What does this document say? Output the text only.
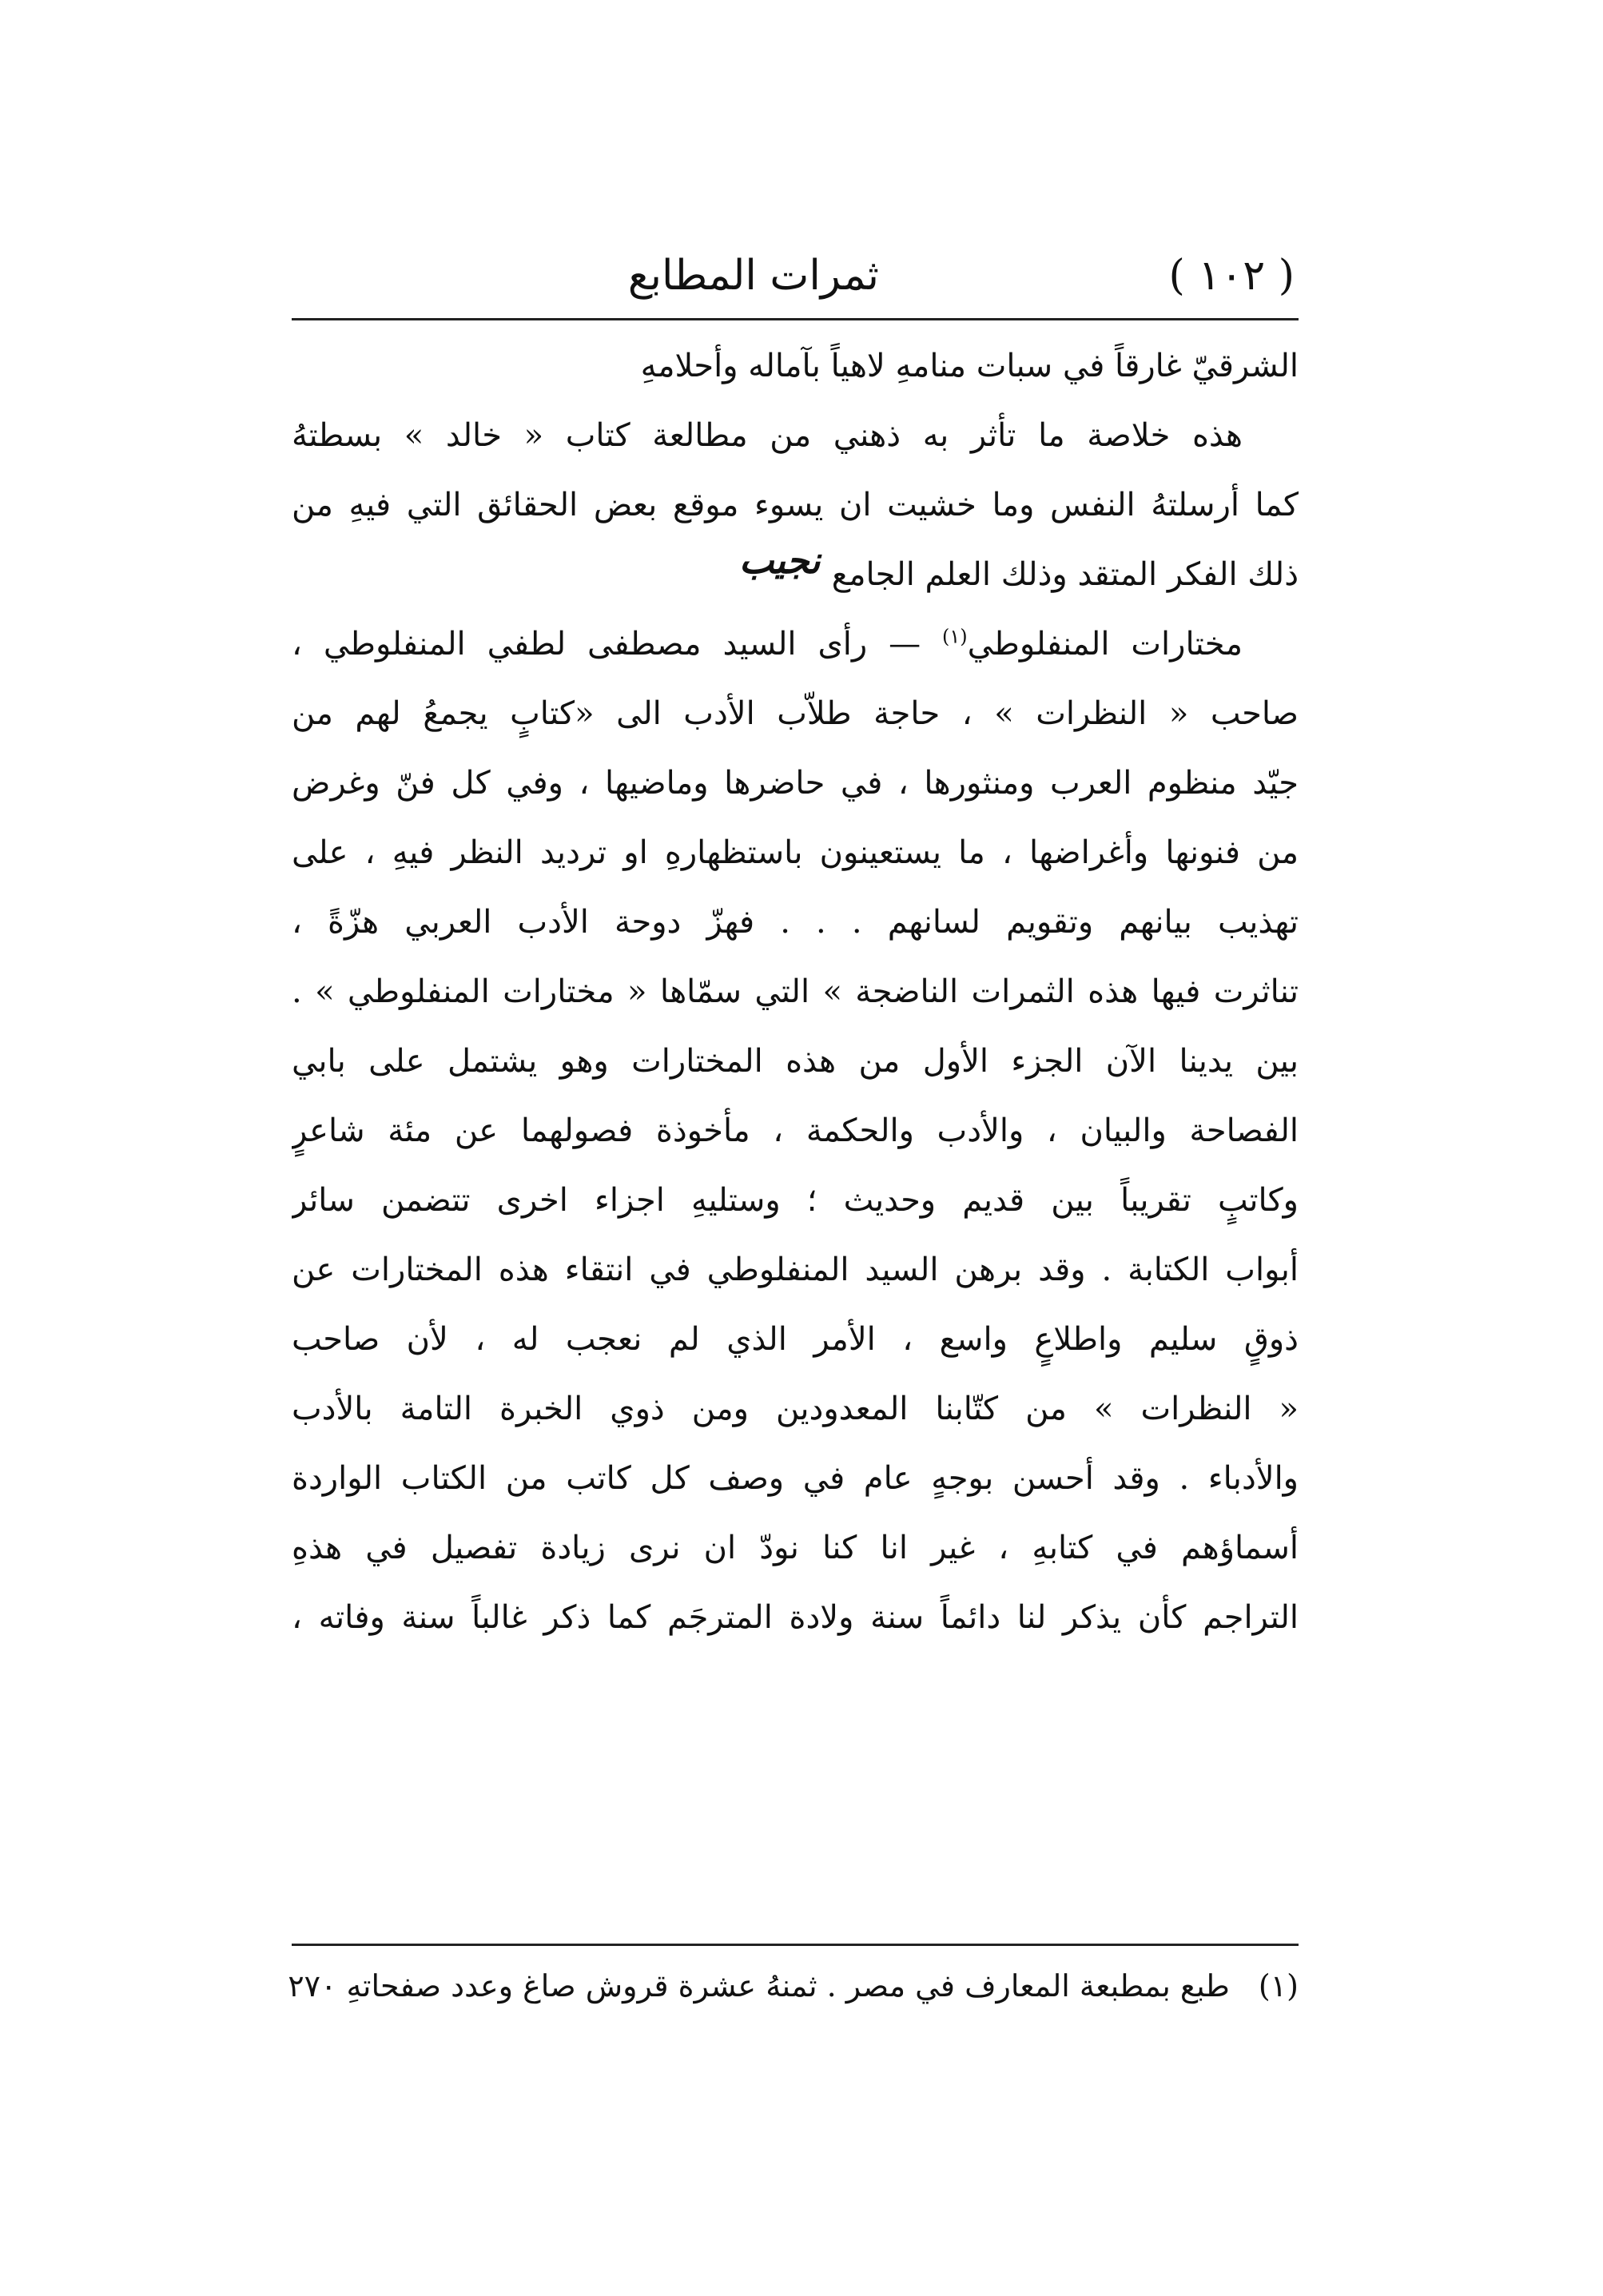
( ١٠٢ )
ثمرات المطابع
الشرقيّ غارقاً في سبات منامهِ لاهياً بآماله وأحلامهِ
هذه خلاصة ما تأثر به ذهني من مطالعة كتاب « خالد » بسطتهُ
كما أرسلتهُ النفس وما خشيت ان يسوء موقع بعض الحقائق التي فيهِ من
ذلك الفكر المتقد وذلك العلم الجامع
نجيب
مختارات المنفلوطي$^{(١)}$ — رأى السيد مصطفى لطفي المنفلوطي ،
صاحب « النظرات » ، حاجة طلاّب الأدب الى «كتابٍ يجمعُ لهم من
جيّد منظوم العرب ومنثورها ، في حاضرها وماضيها ، وفي كل فنّ وغرض
من فنونها وأغراضها ، ما يستعينون باستظهارهِ او ترديد النظر فيهِ ، على
تهذيب بيانهم وتقويم لسانهم . . . فهزّ دوحة الأدب العربي هزّةً ،
تناثرت فيها هذه الثمرات الناضجة » التي سمّاها « مختارات المنفلوطي » .
بين يدينا الآن الجزء الأول من هذه المختارات وهو يشتمل على بابي
الفصاحة والبيان ، والأدب والحكمة ، مأخوذة فصولهما عن مئة شاعرٍ
وكاتبٍ تقريباً بين قديم وحديث ؛ وستليهِ اجزاء اخرى تتضمن سائر
أبواب الكتابة . وقد برهن السيد المنفلوطي في انتقاء هذه المختارات عن
ذوقٍ سليم واطلاعٍ واسع ، الأمر الذي لم نعجب له ، لأن صاحب
« النظرات » من كتّابنا المعدودين ومن ذوي الخبرة التامة بالأدب
والأدباء . وقد أحسن بوجهٍ عام في وصف كل كاتب من الكتاب الواردة
أسماؤهم في كتابهِ ، غير انا كنا نودّ ان نرى زيادة تفصيل في هذهِ
التراجم كأن يذكر لنا دائماً سنة ولادة المترجَم كما ذكر غالباً سنة وفاته ،
(١) طبع بمطبعة المعارف في مصر . ثمنهُ عشرة قروش صاغ وعدد صفحاتهِ ٢٧٠
